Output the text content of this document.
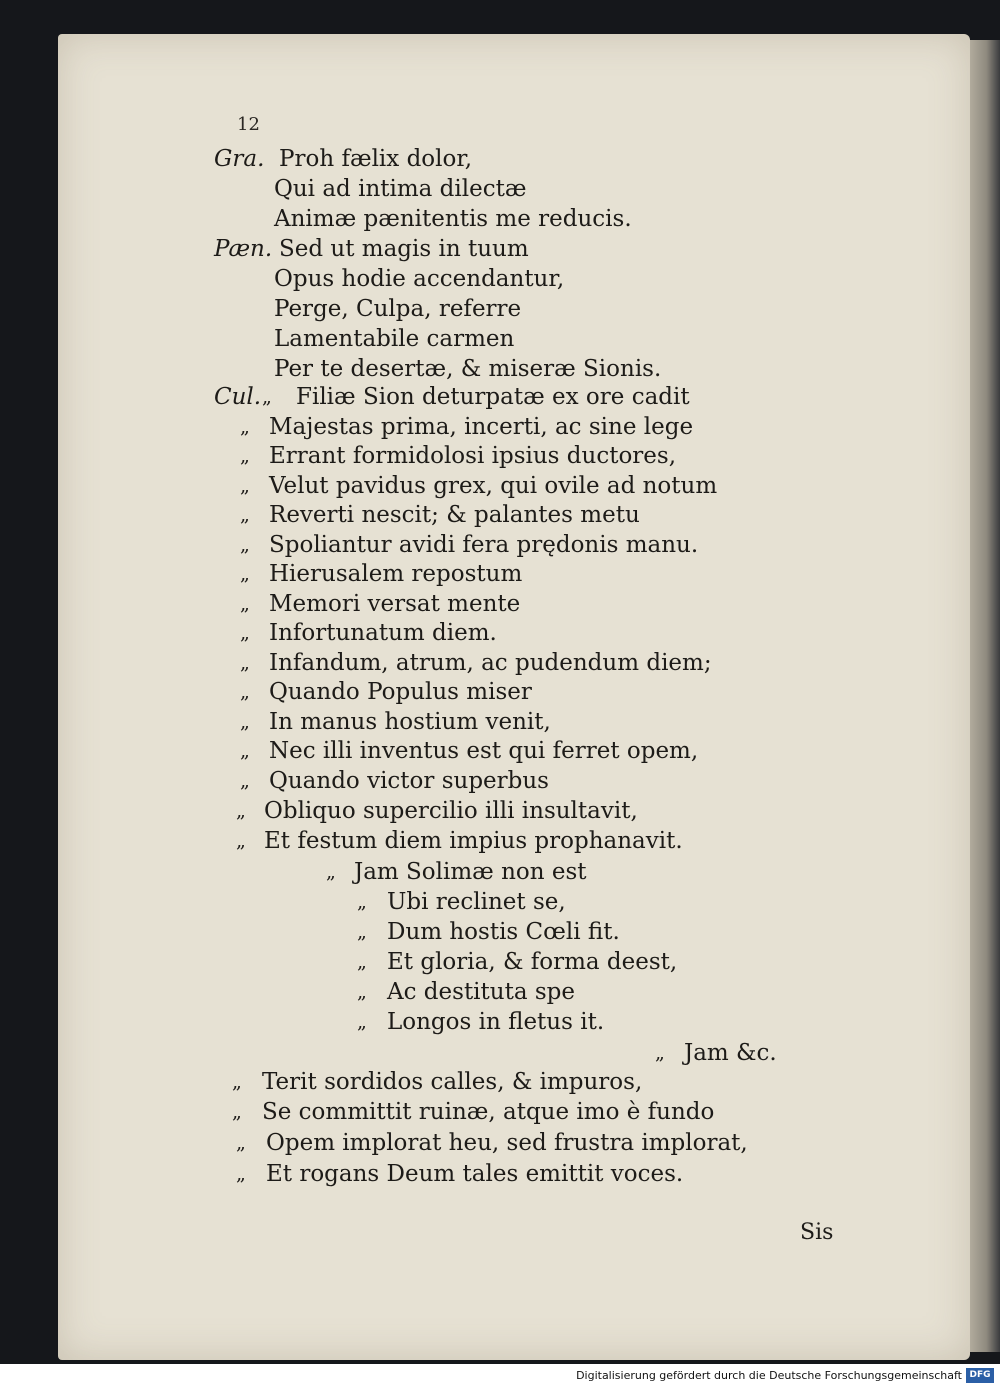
12
Gra.
Pæn.
Cul.
Proh fælix dolor,
Qui ad intima dilectæ
Animæ pænitentis me reducis.
Sed ut magis in tuum
Opus hodie accendantur,
Perge, Culpa, referre
Lamentabile carmen
Per te desertæ, & miseræ Sionis.
„ Filiæ Sion deturpatæ ex ore cadit
„ Majestas prima, incerti, ac sine lege
„ Errant formidolosi ipsius ductores,
„ Velut pavidus grex, qui ovile ad notum
„ Reverti nescit; & palantes metu
„ Spoliantur avidi fera prędonis manu.
„ Hierusalem repostum
„ Memori versat mente
„ Infortunatum diem.
„ Infandum, atrum, ac pudendum diem;
„ Quando Populus miser
„ In manus hostium venit,
„ Nec illi inventus est qui ferret opem,
„ Quando victor superbus
„ Obliquo supercilio illi insultavit,
„ Et festum diem impius prophanavit.
„ Jam Solimæ non est
„ Ubi reclinet se,
„ Dum hostis Cœli fit.
„ Et gloria, & forma deest,
„ Ac destituta spe
„ Longos in fletus it.
„ Jam &c.
„ Terit sordidos calles, & impuros,
„ Se committit ruinæ, atque imo è fundo
„ Opem implorat heu, sed frustra implorat,
„ Et rogans Deum tales emittit voces.
Sis
Digitalisierung gefördert durch die Deutsche Forschungsgemeinschaft DFG
